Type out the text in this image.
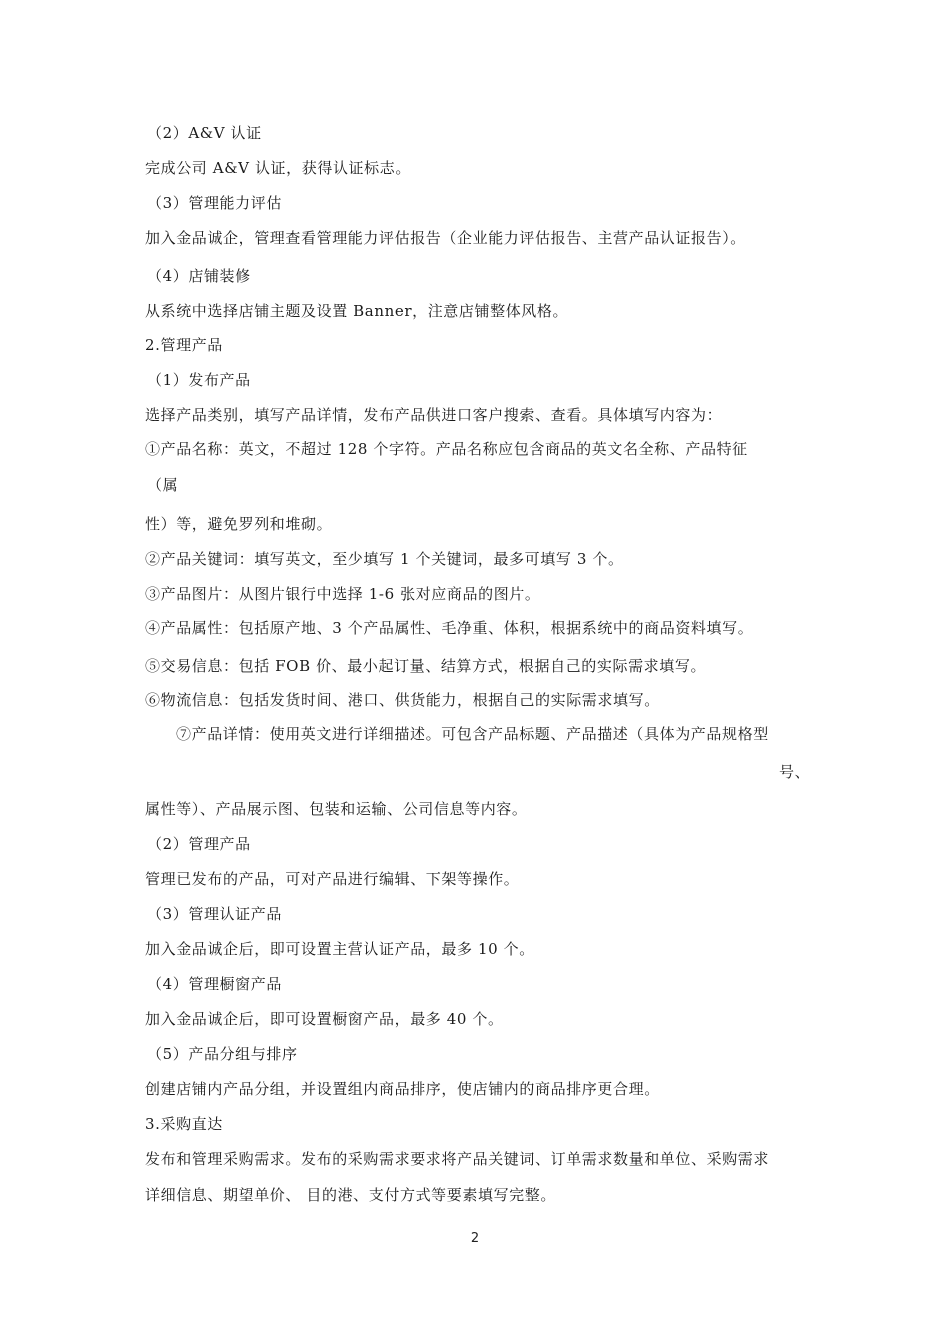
（2）A&V 认证
完成公司 A&V 认证，获得认证标志。
（3）管理能力评估
加入金品诚企，管理查看管理能力评估报告（企业能力评估报告、主营产品认证报告）。
（4）店铺装修
从系统中选择店铺主题及设置 Banner，注意店铺整体风格。
2.管理产品
（1）发布产品
选择产品类别，填写产品详情，发布产品供进口客户搜索、查看。具体填写内容为：
①产品名称：英文，不超过 128 个字符。产品名称应包含商品的英文名全称、产品特征
（属
性）等，避免罗列和堆砌。
②产品关键词：填写英文，至少填写 1 个关键词，最多可填写 3 个。
③产品图片：从图片银行中选择 1-6 张对应商品的图片。
④产品属性：包括原产地、3 个产品属性、毛净重、体积，根据系统中的商品资料填写。
⑤交易信息：包括 FOB 价、最小起订量、结算方式，根据自己的实际需求填写。
⑥物流信息：包括发货时间、港口、供货能力，根据自己的实际需求填写。
⑦产品详情：使用英文进行详细描述。可包含产品标题、产品描述（具体为产品规格型
号、
属性等）、产品展示图、包装和运输、公司信息等内容。
（2）管理产品
管理已发布的产品，可对产品进行编辑、下架等操作。
（3）管理认证产品
加入金品诚企后，即可设置主营认证产品，最多 10 个。
（4）管理橱窗产品
加入金品诚企后，即可设置橱窗产品，最多 40 个。
（5）产品分组与排序
创建店铺内产品分组，并设置组内商品排序，使店铺内的商品排序更合理。
3.采购直达
发布和管理采购需求。发布的采购需求要求将产品关键词、订单需求数量和单位、采购需求
详细信息、期望单价、 目的港、支付方式等要素填写完整。
2
